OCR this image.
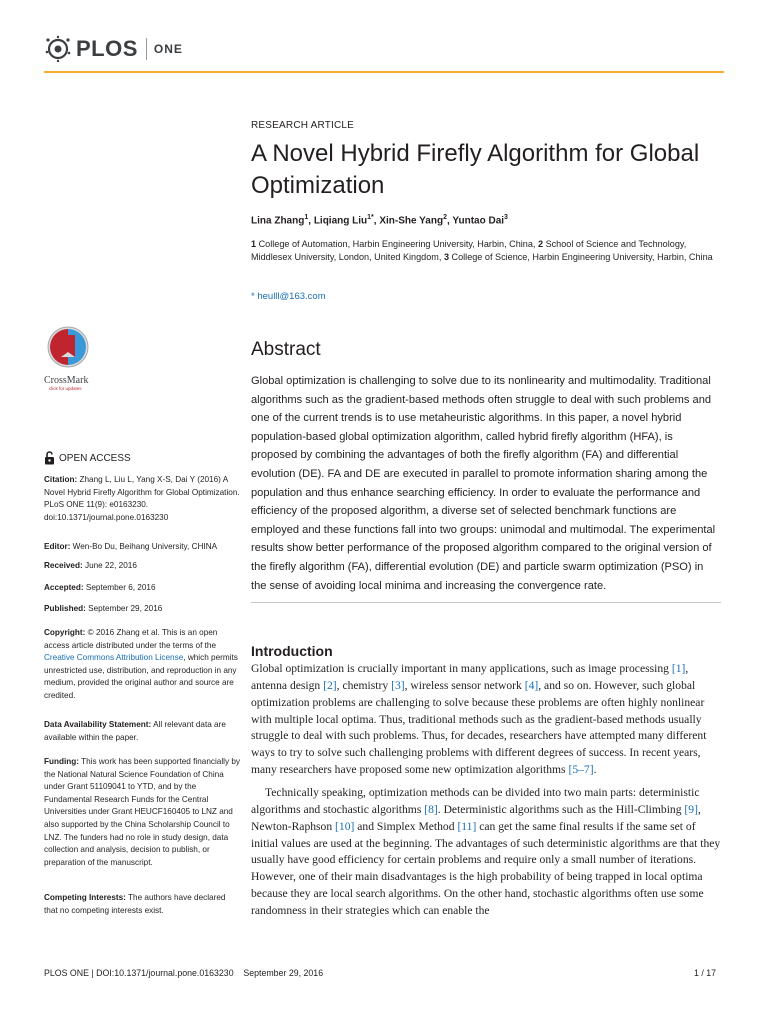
PLOS ONE
RESEARCH ARTICLE
A Novel Hybrid Firefly Algorithm for Global Optimization
Lina Zhang$^1$, Liqiang Liu$^{1*}$, Xin-She Yang$^2$, Yuntao Dai$^3$
1 College of Automation, Harbin Engineering University, Harbin, China, 2 School of Science and Technology, Middlesex University, London, United Kingdom, 3 College of Science, Harbin Engineering University, Harbin, China
* heulll@163.com
Abstract

Global optimization is challenging to solve due to its nonlinearity and multimodality. Traditional algorithms such as the gradient-based methods often struggle to deal with such problems and one of the current trends is to use metaheuristic algorithms. In this paper, a novel hybrid population-based global optimization algorithm, called hybrid firefly algorithm (HFA), is proposed by combining the advantages of both the firefly algorithm (FA) and differential evolution (DE). FA and DE are executed in parallel to promote information sharing among the population and thus enhance searching efficiency. In order to evaluate the performance and efficiency of the proposed algorithm, a diverse set of selected benchmark functions are employed and these functions fall into two groups: unimodal and multimodal. The experimental results show better performance of the proposed algorithm compared to the original version of the firefly algorithm (FA), differential evolution (DE) and particle swarm optimization (PSO) in the sense of avoiding local minima and increasing the convergence rate.

Introduction

Global optimization is crucially important in many applications, such as image processing [1], antenna design [2], chemistry [3], wireless sensor network [4], and so on. However, such global optimization problems are challenging to solve because these problems are often highly nonlinear with multiple local optima. Thus, traditional methods such as the gradient-based methods usually struggle to deal with such problems. Thus, for decades, researchers have attempted many different ways to try to solve such challenging problems with different degrees of success. In recent years, many researchers have proposed some new optimization algorithms [5–7].

Technically speaking, optimization methods can be divided into two main parts: deterministic algorithms and stochastic algorithms [8]. Deterministic algorithms such as the Hill-Climbing [9], Newton-Raphson [10] and Simplex Method [11] can get the same final results if the same set of initial values are used at the beginning. The advantages of such deterministic algorithms are that they usually have good efficiency for certain problems and require only a small number of iterations. However, one of their main disadvantages is the high probability of being trapped in local optima because they are local search algorithms. On the other hand, stochastic algorithms often use some randomness in their strategies which can enable the

CrossMark
click for updates
OPEN ACCESS
Citation: Zhang L, Liu L, Yang X-S, Dai Y (2016) A Novel Hybrid Firefly Algorithm for Global Optimization. PLoS ONE 11(9): e0163230. doi:10.1371/journal.pone.0163230
Editor: Wen-Bo Du, Beihang University, CHINA
Received: June 22, 2016
Accepted: September 6, 2016
Published: September 29, 2016
Copyright: © 2016 Zhang et al. This is an open access article distributed under the terms of the Creative Commons Attribution License, which permits unrestricted use, distribution, and reproduction in any medium, provided the original author and source are credited.
Data Availability Statement: All relevant data are available within the paper.
Funding: This work has been supported financially by the National Natural Science Foundation of China under Grant 51109041 to YTD, and by the Fundamental Research Funds for the Central Universities under Grant HEUCF160405 to LNZ and also supported by the China Scholarship Council to LNZ. The funders had no role in study design, data collection and analysis, decision to publish, or preparation of the manuscript.
Competing Interests: The authors have declared that no competing interests exist.
PLOS ONE | DOI:10.1371/journal.pone.0163230    September 29, 2016	1 / 17
